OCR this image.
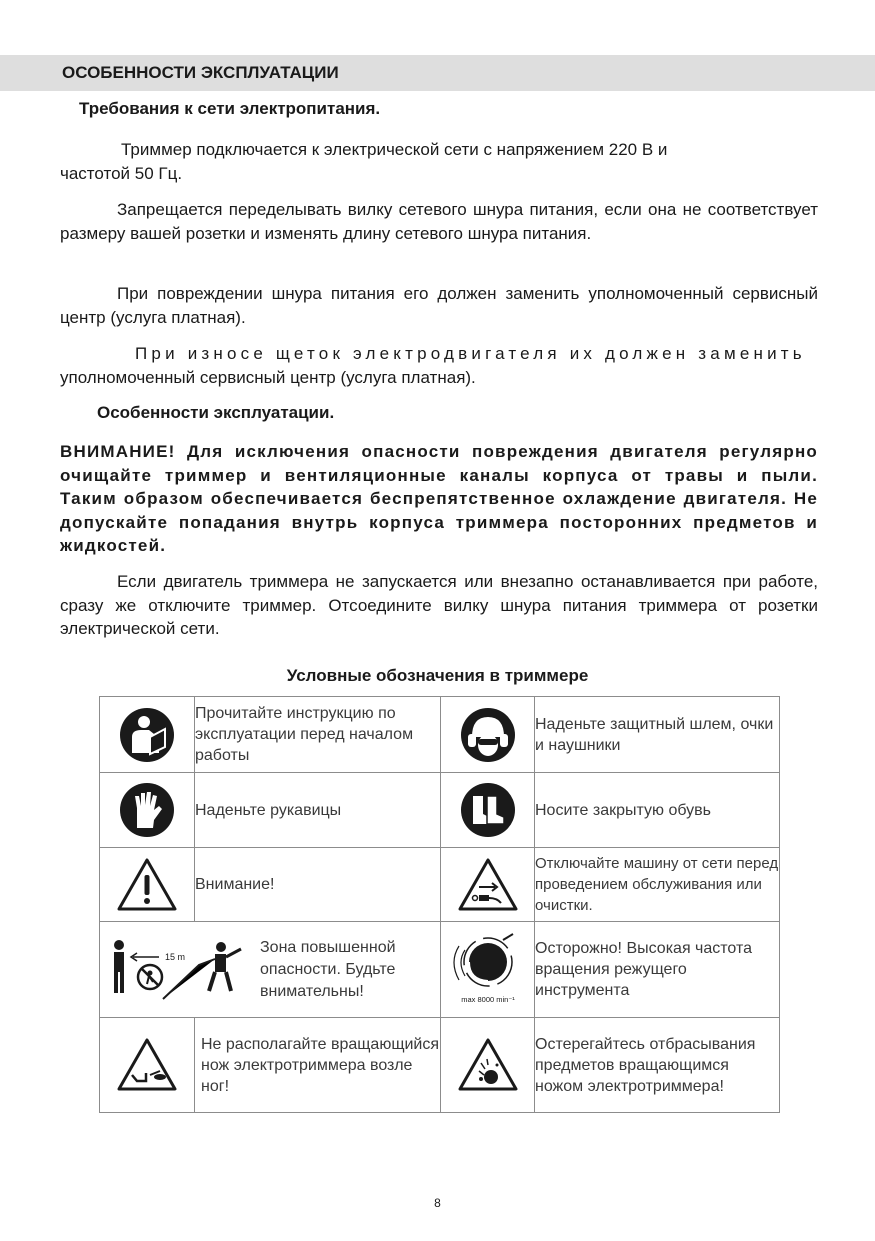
ОСОБЕННОСТИ ЭКСПЛУАТАЦИИ
Требования к сети электропитания.

Триммер подключается к электрической сети с напряжением 220 В и
частотой 50 Гц.

Запрещается переделывать вилку сетевого шнура питания, если она не соответствует размеру вашей розетки и изменять длину сетевого шнура питания.

При повреждении шнура питания его должен заменить уполномоченный сервисный центр (услуга платная).

При износе щеток электродвигателя их должен заменить
уполномоченный сервисный центр (услуга платная).

Особенности эксплуатации.

ВНИМАНИЕ! Для исключения опасности повреждения двигателя регулярно очищайте триммер и вентиляционные каналы корпуса от травы и пыли. Таким образом обеспечивается беспрепятственное охлаждение двигателя. Не допускайте попадания внутрь корпуса триммера посторонних предметов и жидкостей.

Если двигатель триммера не запускается или внезапно останавливается при работе, сразу же отключите триммер. Отсоедините вилку шнура питания триммера от розетки электрической сети.

Условные обозначения в триммере
	Прочитайте инструкцию по эксплуатации перед началом работы		Наденьте защитный шлем, очки и наушники

	Наденьте рукавицы		Носите закрытую обувь

	Внимание!		Отключайте машину от сети перед проведением обслуживания или очистки.

15 m
Зона повышенной опасности. Будьте внимательны!		max 8000 min⁻¹	Осторожно! Высокая частота вращения режущего инструмента

	Не располагайте вращающийся нож электротриммера возле ног!		Остерегайтесь отбрасывания предметов вращающимся ножом электротриммера!
8
